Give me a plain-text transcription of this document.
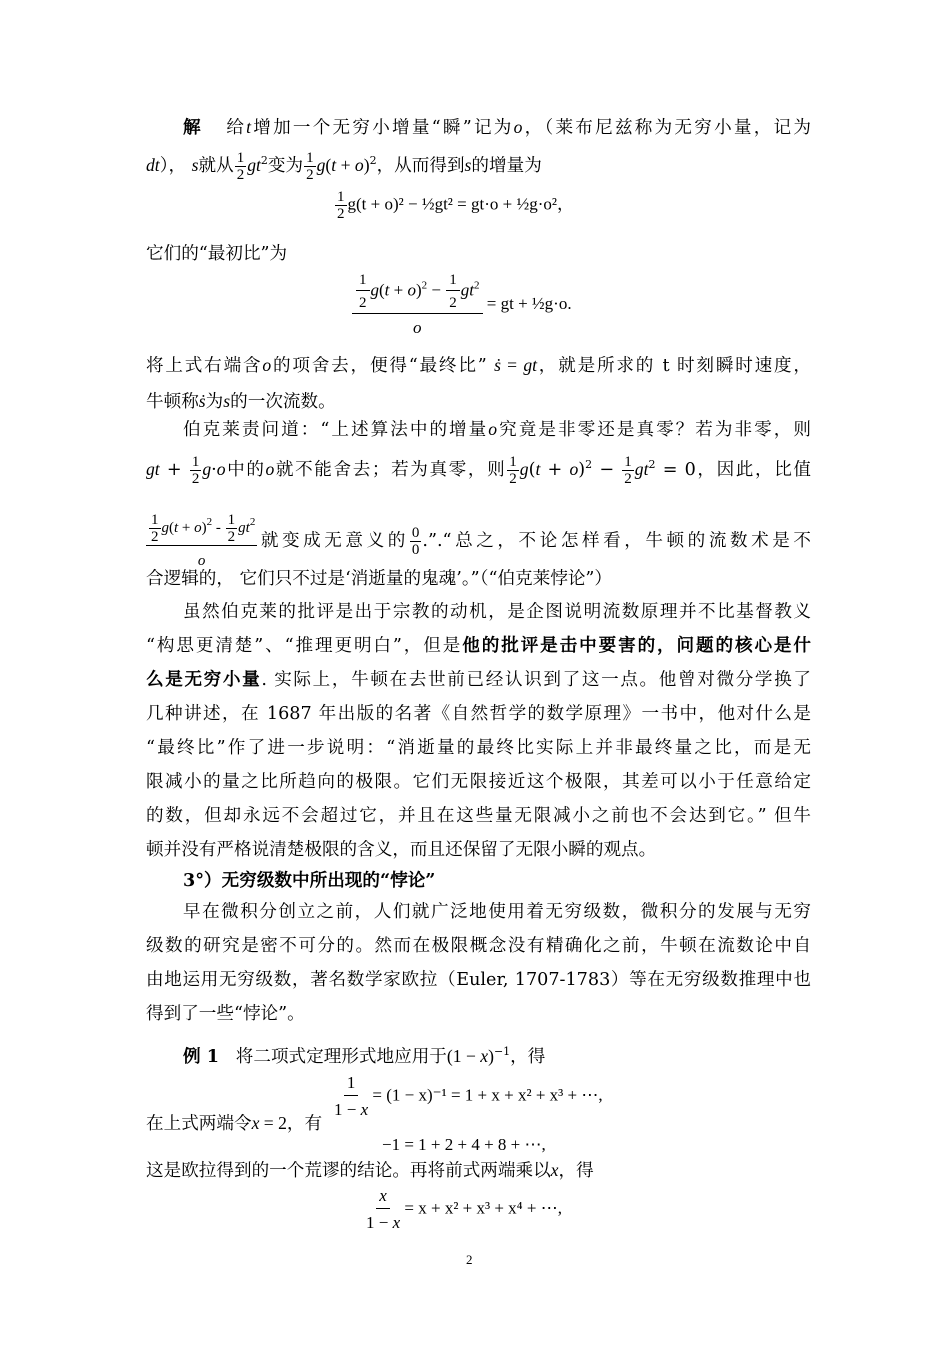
解 给t增加一个无穷小增量“瞬”记为o，（莱布尼兹称为无穷小量，记为
dt）， s就从 $\frac{1}{2} gt^2$变为 $\frac{1}{2} g(t + o)^2$，从而得到s的增量为
$\frac{1}{2} g(t + o)^2$ − ½gt² = gt·o + ½g·o²，
它们的“最初比”为
$\frac{\frac{1}{2} g(t + o)^2 - \frac{1}{2} gt^2}{o}$ = gt + ½g·o.
将上式右端含o的项舍去，便得“最终比” ṡ = gt，就是所求的 t 时刻瞬时速度，
牛顿称ṡ为s的一次流数。
伯克莱责问道：“上述算法中的增量o究竟是非零还是真零？若为非零，则
gt + $\frac{1}{2} g\cdot o$中的o就不能舍去；若为真零，则 $\frac{1}{2} g(t + o)^2 - \frac{1}{2} gt^2 = 0$，因此，比值
$\frac{\frac{1}{2} g(t + o)^2 - \frac{1}{2} gt^2}{o}$ 就变成无意义的 $\frac{0}{0}$ .”.“总之，不论怎样看，牛顿的流数术是不
合逻辑的， 它们只不过是‘消逝量的鬼魂’。”（“伯克莱悖论”）
虽然伯克莱的批评是出于宗教的动机，是企图说明流数原理并不比基督教义
“构思更清楚”、“推理更明白”，但是他的批评是击中要害的，问题的核心是什
么是无穷小量. 实际上，牛顿在去世前已经认识到了这一点。他曾对微分学换了
几种讲述，在 1687 年出版的名著《自然哲学的数学原理》一书中，他对什么是
“最终比”作了进一步说明：“消逝量的最终比实际上并非最终量之比，而是无
限减小的量之比所趋向的极限。它们无限接近这个极限，其差可以小于任意给定
的数，但却永远不会超过它，并且在这些量无限减小之前也不会达到它。” 但牛
顿并没有严格说清楚极限的含义，而且还保留了无限小瞬的观点。
3°）无穷级数中所出现的“悖论”
早在微积分创立之前，人们就广泛地使用着无穷级数，微积分的发展与无穷
级数的研究是密不可分的。然而在极限概念没有精确化之前，牛顿在流数论中自
由地运用无穷级数，著名数学家欧拉（Euler, 1707-1783）等在无穷级数推理中也
得到了一些“悖论”。
例 1 将二项式定理形式地应用于$(1 - x)^{-1}$，得
$\frac{1}{1 - x} = (1 - x)^{-1} = 1 + x + x^2 + x^3$ + ⋯,
在上式两端令x = 2，有
−1 = 1 + 2 + 4 + 8 + ⋯,
这是欧拉得到的一个荒谬的结论。再将前式两端乘以x，得
$\frac{x}{1 - x} = x + x^2 + x^3 + x^4$ + ⋯,
2
